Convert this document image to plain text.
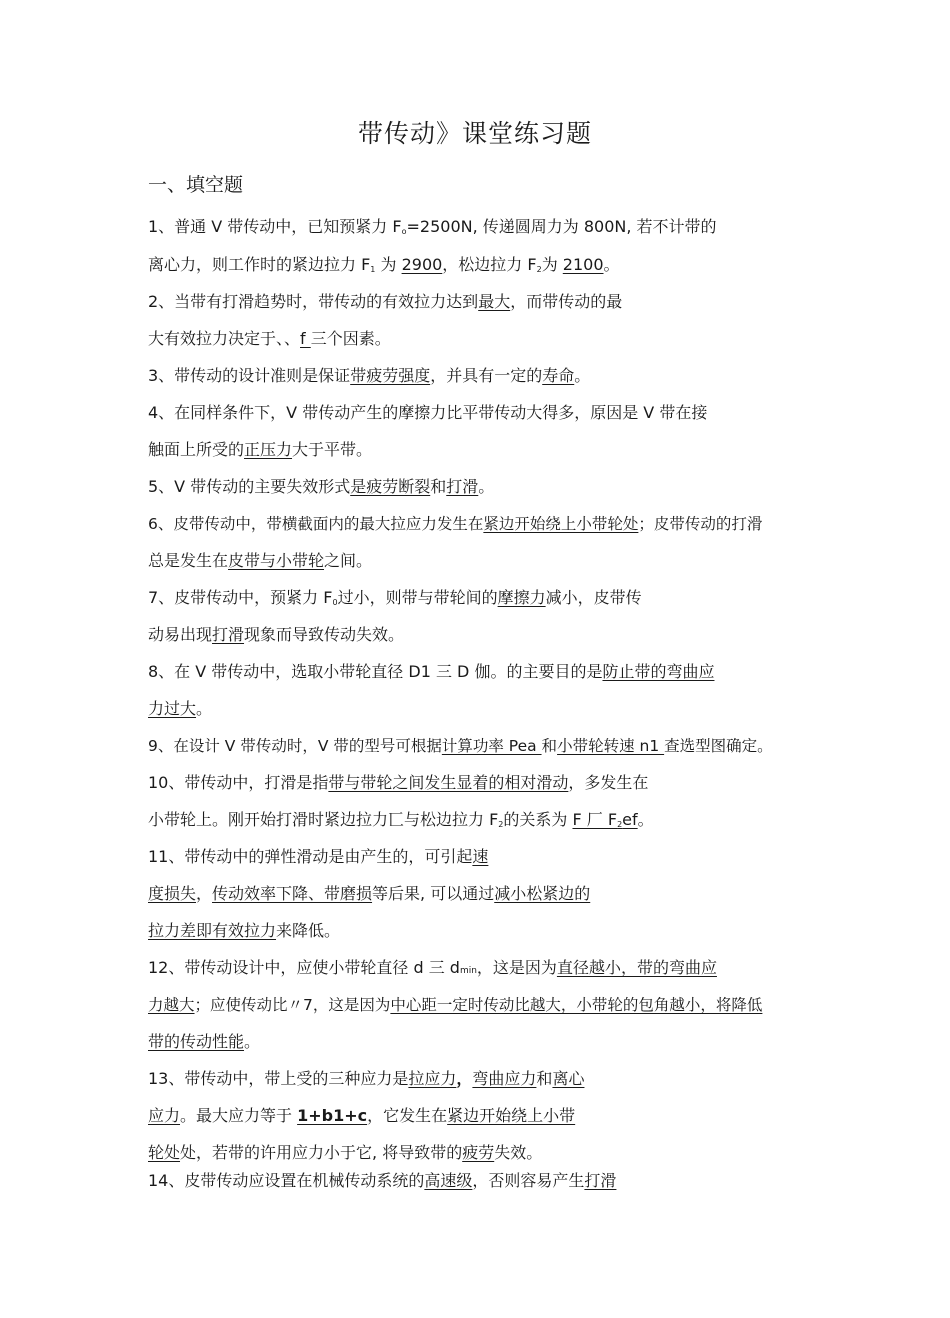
带传动》课堂练习题
一、填空题
1、普通 V 带传动中，已知预紧力 $F_o=2500N$, 传递圆周力为 800N, 若不计带的
离心力，则工作时的紧边拉力 $F_1$ 为 2900，松边拉力 $F_2$为 2100。
2、当带有打滑趋势时，带传动的有效拉力达到最大，而带传动的最
大有效拉力决定于、、f 三个因素。
3、带传动的设计准则是保证带疲劳强度，并具有一定的寿命。
4、在同样条件下，V 带传动产生的摩擦力比平带传动大得多，原因是 V 带在接
触面上所受的正压力大于平带。
5、V 带传动的主要失效形式是疲劳断裂和打滑。
6、皮带传动中，带横截面内的最大拉应力发生在紧边开始绕上小带轮处；皮带传动的打滑
总是发生在皮带与小带轮之间。
7、皮带传动中，预紧力 $F_0$过小，则带与带轮间的摩擦力减小，皮带传
动易出现打滑现象而导致传动失效。
8、在 V 带传动中，选取小带轮直径 D1 三 D 伽。的主要目的是防止带的弯曲应
力过大。
9、在设计 V 带传动时，V 带的型号可根据计算功率 Pea 和小带轮转速 n1 查选型图确定。
10、带传动中，打滑是指带与带轮之间发生显着的相对滑动，多发生在
小带轮上。刚开始打滑时紧边拉力匸与松边拉力 $F_2$的关系为 F 厂 $F_2ef$。
11、带传动中的弹性滑动是由产生的，可引起速
度损失，传动效率下降、带磨损等后果, 可以通过减小松紧边的
拉力差即有效拉力来降低。
12、带传动设计中，应使小带轮直径 d 三 dmin，这是因为直径越小，带的弯曲应
力越大；应使传动比〃7，这是因为中心距一定时传动比越大，小带轮的包角越小，将降低
带的传动性能。
13、带传动中，带上受的三种应力是拉应力，弯曲应力和离心
应力。最大应力等于 1+b1+c，它发生在紧边开始绕上小带
轮处处，若带的许用应力小于它, 将导致带的疲劳失效。
14、皮带传动应设置在机械传动系统的高速级，否则容易产生打滑
